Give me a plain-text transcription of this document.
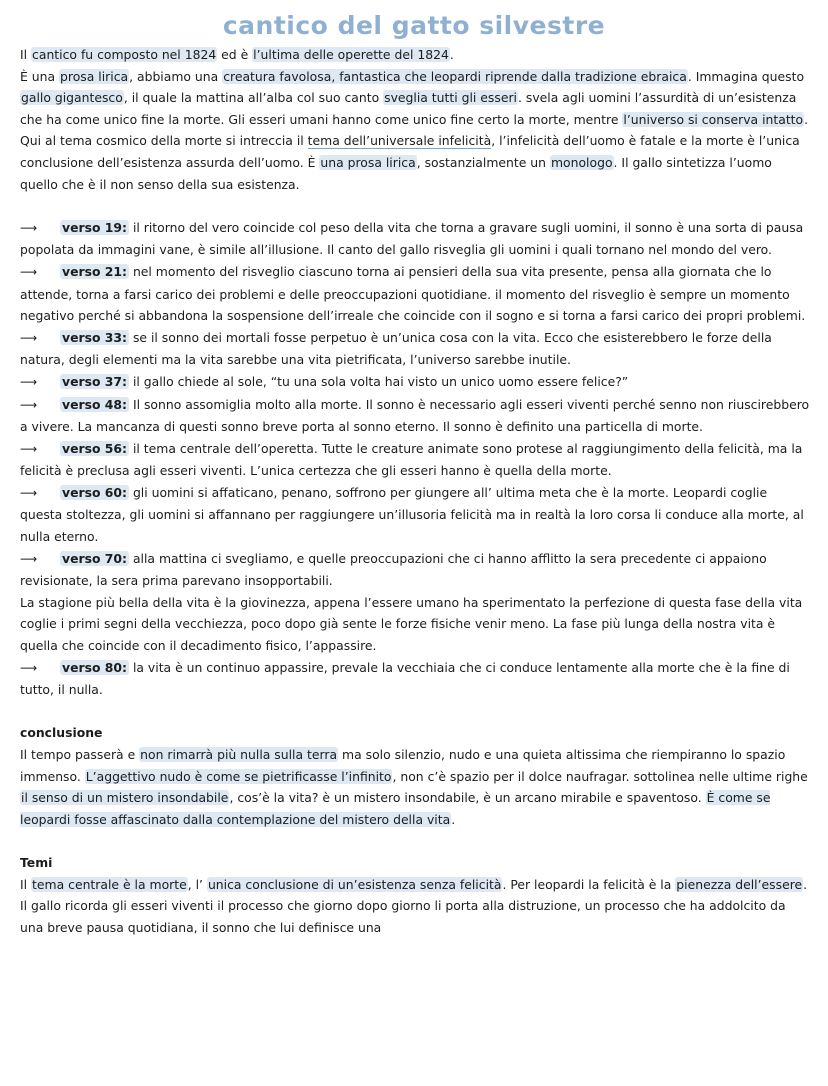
cantico del gatto silvestre

Il cantico fu composto nel 1824 ed è l’ultima delle operette del 1824.
È una prosa lirica, abbiamo una creatura favolosa, fantastica che leopardi riprende dalla tradizione ebraica. Immagina questo gallo gigantesco, il quale la mattina all’alba col suo canto sveglia tutti gli esseri. svela agli uomini l’assurdità di un’esistenza che ha come unico fine la morte. Gli esseri umani hanno come unico fine certo la morte, mentre l’universo si conserva intatto. Qui al tema cosmico della morte si intreccia il tema dell’universale infelicità, l’infelicità dell’uomo è fatale e la morte è l’unica conclusione dell’esistenza assurda dell’uomo. È una prosa lirica, sostanzialmente un monologo. Il gallo sintetizza l’uomo quello che è il non senso della sua esistenza.

⟶ verso 19: il ritorno del vero coincide col peso della vita che torna a gravare sugli uomini, il sonno è una sorta di pausa popolata da immagini vane, è simile all’illusione. Il canto del gallo risveglia gli uomini i quali tornano nel mondo del vero.

⟶ verso 21: nel momento del risveglio ciascuno torna ai pensieri della sua vita presente, pensa alla giornata che lo attende, torna a farsi carico dei problemi e delle preoccupazioni quotidiane. il momento del risveglio è sempre un momento negativo perché si abbandona la sospensione dell’irreale che coincide con il sogno e si torna a farsi carico dei propri problemi.

⟶ verso 33: se il sonno dei mortali fosse perpetuo è un’unica cosa con la vita. Ecco che esisterebbero le forze della natura, degli elementi ma la vita sarebbe una vita pietrificata, l’universo sarebbe inutile.

⟶ verso 37: il gallo chiede al sole, “tu una sola volta hai visto un unico uomo essere felice?”

⟶ verso 48: Il sonno assomiglia molto alla morte. Il sonno è necessario agli esseri viventi perché senno non riuscirebbero a vivere. La mancanza di questi sonno breve porta al sonno eterno. Il sonno è definito una particella di morte.

⟶ verso 56: il tema centrale dell’operetta. Tutte le creature animate sono protese al raggiungimento della felicità, ma la felicità è preclusa agli esseri viventi. L’unica certezza che gli esseri hanno è quella della morte.

⟶ verso 60: gli uomini si affaticano, penano, soffrono per giungere all’ ultima meta che è la morte. Leopardi coglie questa stoltezza, gli uomini si affannano per raggiungere un’illusoria felicità ma in realtà la loro corsa li conduce alla morte, al nulla eterno.

⟶ verso 70: alla mattina ci svegliamo, e quelle preoccupazioni che ci hanno afflitto la sera precedente ci appaiono revisionate, la sera prima parevano insopportabili.

La stagione più bella della vita è la giovinezza, appena l’essere umano ha sperimentato la perfezione di questa fase della vita coglie i primi segni della vecchiezza, poco dopo già sente le forze fisiche venir meno. La fase più lunga della nostra vita è quella che coincide con il decadimento fisico, l’appassire.

⟶ verso 80: la vita è un continuo appassire, prevale la vecchiaia che ci conduce lentamente alla morte che è la fine di tutto, il nulla.

conclusione

Il tempo passerà e non rimarrà più nulla sulla terra ma solo silenzio, nudo e una quieta altissima che riempiranno lo spazio immenso. L’aggettivo nudo è come se pietrificasse l’infinito, non c’è spazio per il dolce naufragar. sottolinea nelle ultime righe il senso di un mistero insondabile, cos’è la vita? è un mistero insondabile, è un arcano mirabile e spaventoso. È come se leopardi fosse affascinato dalla contemplazione del mistero della vita.

Temi

Il tema centrale è la morte, l’ unica conclusione di un’esistenza senza felicità. Per leopardi la felicità è la pienezza dell’essere. Il gallo ricorda gli esseri viventi il processo che giorno dopo giorno li porta alla distruzione, un processo che ha addolcito da una breve pausa quotidiana, il sonno che lui definisce una
